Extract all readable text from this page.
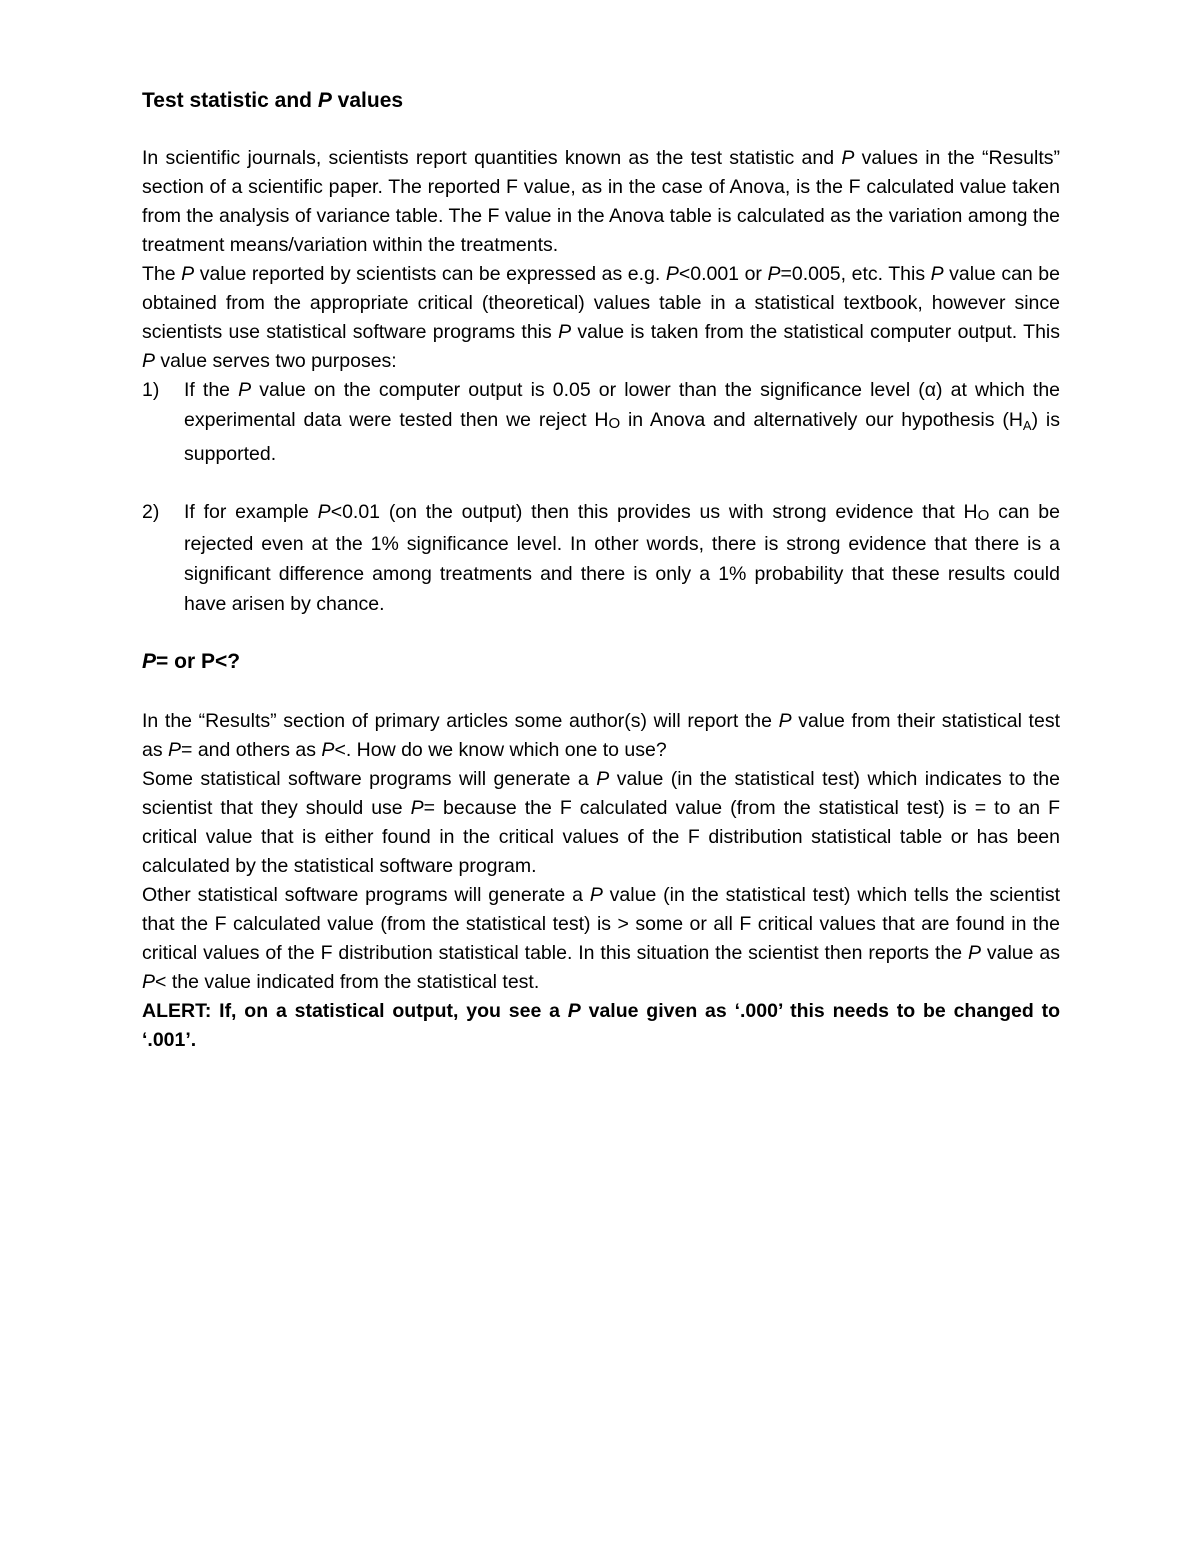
Test statistic and P values

In scientific journals, scientists report quantities known as the test statistic and P values in the “Results” section of a scientific paper. The reported F value, as in the case of Anova, is the F calculated value taken from the analysis of variance table. The F value in the Anova table is calculated as the variation among the treatment means/variation within the treatments.

The P value reported by scientists can be expressed as e.g. P<0.001 or P=0.005, etc. This P value can be obtained from the appropriate critical (theoretical) values table in a statistical textbook, however since scientists use statistical software programs this P value is taken from the statistical computer output. This P value serves two purposes:

1)	If the P value on the computer output is 0.05 or lower than the significance level (α) at which the experimental data were tested then we reject HO in Anova and alternatively our hypothesis $(H_A)$ is supported.
2)	If for example P<0.01 (on the output) then this provides us with strong evidence that HO can be rejected even at the 1% significance level. In other words, there is strong evidence that there is a significant difference among treatments and there is only a 1% probability that these results could have arisen by chance.
P= or P<?

In the “Results” section of primary articles some author(s) will report the P value from their statistical test as P= and others as P<. How do we know which one to use?

Some statistical software programs will generate a P value (in the statistical test) which indicates to the scientist that they should use P= because the F calculated value (from the statistical test) is = to an F critical value that is either found in the critical values of the F distribution statistical table or has been calculated by the statistical software program.

Other statistical software programs will generate a P value (in the statistical test) which tells the scientist that the F calculated value (from the statistical test) is > some or all F critical values that are found in the critical values of the F distribution statistical table. In this situation the scientist then reports the P value as P< the value indicated from the statistical test.

ALERT: If, on a statistical output, you see a P value given as ‘.000’ this needs to be changed to ‘.001’.
